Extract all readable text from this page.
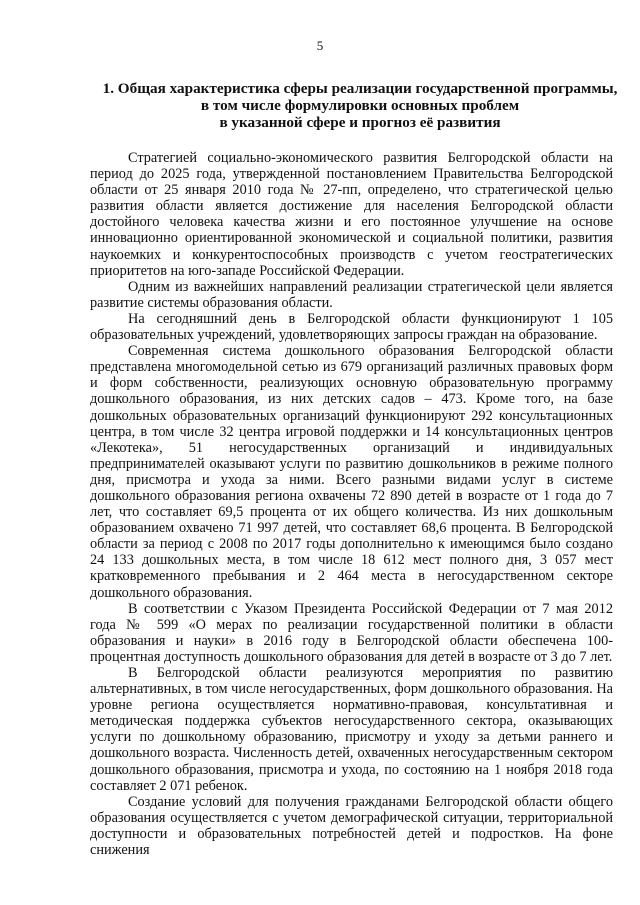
5
1. Общая характеристика сферы реализации государственной программы,
в том числе формулировки основных проблем
в указанной сфере и прогноз её развития

Стратегией социально-экономического развития Белгородской области на период до 2025 года, утвержденной постановлением Правительства Белгородской области от 25 января 2010 года № 27-пп, определено, что стратегической целью развития области является достижение для населения Белгородской области достойного человека качества жизни и его постоянное улучшение на основе инновационно ориентированной экономической и социальной политики, развития наукоемких и конкурентоспособных производств с учетом геостратегических приоритетов на юго-западе Российской Федерации.

Одним из важнейших направлений реализации стратегической цели является развитие системы образования области.

На сегодняшний день в Белгородской области функционируют 1 105 образовательных учреждений, удовлетворяющих запросы граждан на образование.

Современная система дошкольного образования Белгородской области представлена многомодельной сетью из 679 организаций различных правовых форм и форм собственности, реализующих основную образовательную программу дошкольного образования, из них детских садов – 473. Кроме того, на базе дошкольных образовательных организаций функционируют 292 консультационных центра, в том числе 32 центра игровой поддержки и 14 консультационных центров «Лекотека», 51 негосударственных организаций и индивидуальных предпринимателей оказывают услуги по развитию дошкольников в режиме полного дня, присмотра и ухода за ними. Всего разными видами услуг в системе дошкольного образования региона охвачены 72 890 детей в возрасте от 1 года до 7 лет, что составляет 69,5 процента от их общего количества. Из них дошкольным образованием охвачено 71 997 детей, что составляет 68,6 процента. В Белгородской области за период с 2008 по 2017 годы дополнительно к имеющимся было создано 24 133 дошкольных места, в том числе 18 612 мест полного дня, 3 057 мест кратковременного пребывания и 2 464 места в негосударственном секторе дошкольного образования.

В соответствии с Указом Президента Российской Федерации от 7 мая 2012 года № 599 «О мерах по реализации государственной политики в области образования и науки» в 2016 году в Белгородской области обеспечена 100-процентная доступность дошкольного образования для детей в возрасте от 3 до 7 лет.

В Белгородской области реализуются мероприятия по развитию альтернативных, в том числе негосударственных, форм дошкольного образования. На уровне региона осуществляется нормативно-правовая, консультативная и методическая поддержка субъектов негосударственного сектора, оказывающих услуги по дошкольному образованию, присмотру и уходу за детьми раннего и дошкольного возраста. Численность детей, охваченных негосударственным сектором дошкольного образования, присмотра и ухода, по состоянию на 1 ноября 2018 года составляет 2 071 ребенок.

Создание условий для получения гражданами Белгородской области общего образования осуществляется с учетом демографической ситуации, территориальной доступности и образовательных потребностей детей и подростков. На фоне снижения
